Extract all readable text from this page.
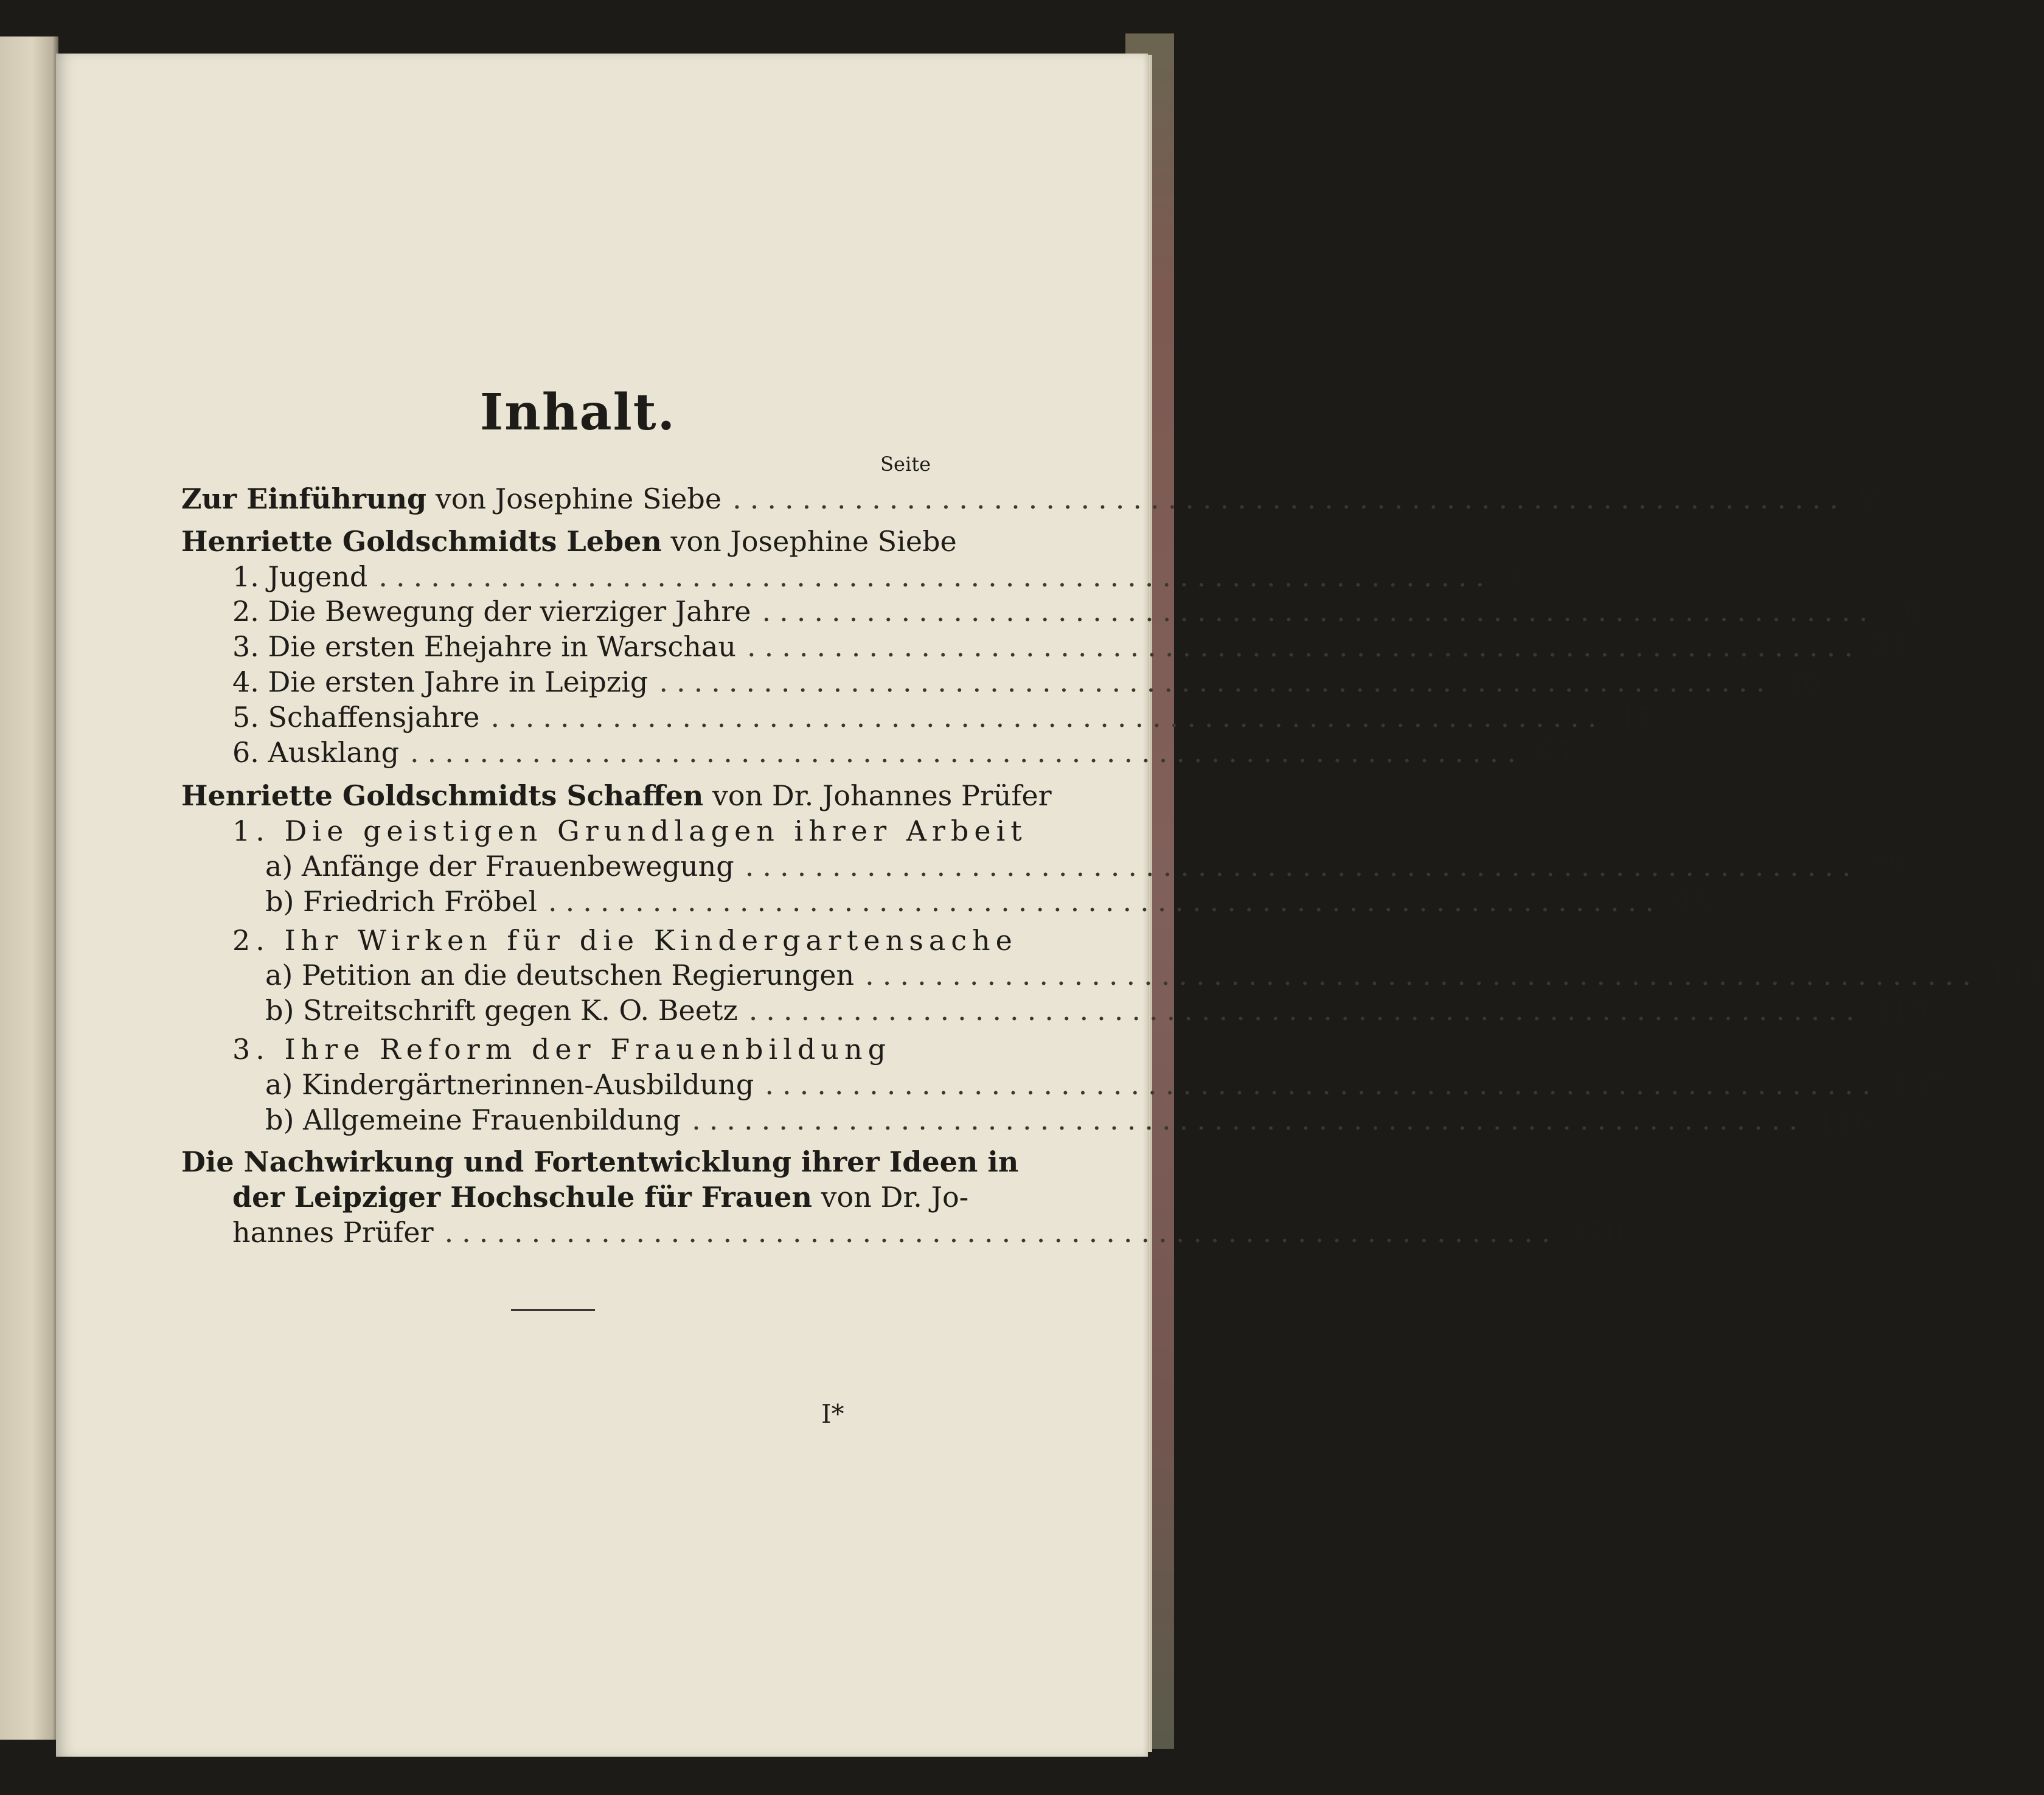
Inhalt.
Seite
Zur Einführung von Josephine Siebe ................................................................ V
Henriette Goldschmidts Leben von Josephine Siebe
1. Jugend ................................................................ 3
2. Die Bewegung der vierziger Jahre ................................................................ 16
3. Die ersten Ehejahre in Warschau ................................................................ 27
4. Die ersten Jahre in Leipzig ................................................................ 36
5. Schaffensjahre ................................................................ 45
6. Ausklang ................................................................ 65
Henriette Goldschmidts Schaffen von Dr. Johannes Prüfer
1. Die geistigen Grundlagen ihrer Arbeit
a) Anfänge der Frauenbewegung ................................................................ 75
b) Friedrich Fröbel ................................................................ 93
2. Ihr Wirken für die Kindergartensache
a) Petition an die deutschen Regierungen ................................................................ 111
b) Streitschrift gegen K. O. Beetz ................................................................ 119
3. Ihre Reform der Frauenbildung
a) Kindergärtnerinnen-Ausbildung ................................................................ 137
b) Allgemeine Frauenbildung ................................................................ 146
Die Nachwirkung und Fortentwicklung ihrer Ideen in
der Leipziger Hochschule für Frauen von Dr. Jo-
hannes Prüfer ................................................................ 170
I*
